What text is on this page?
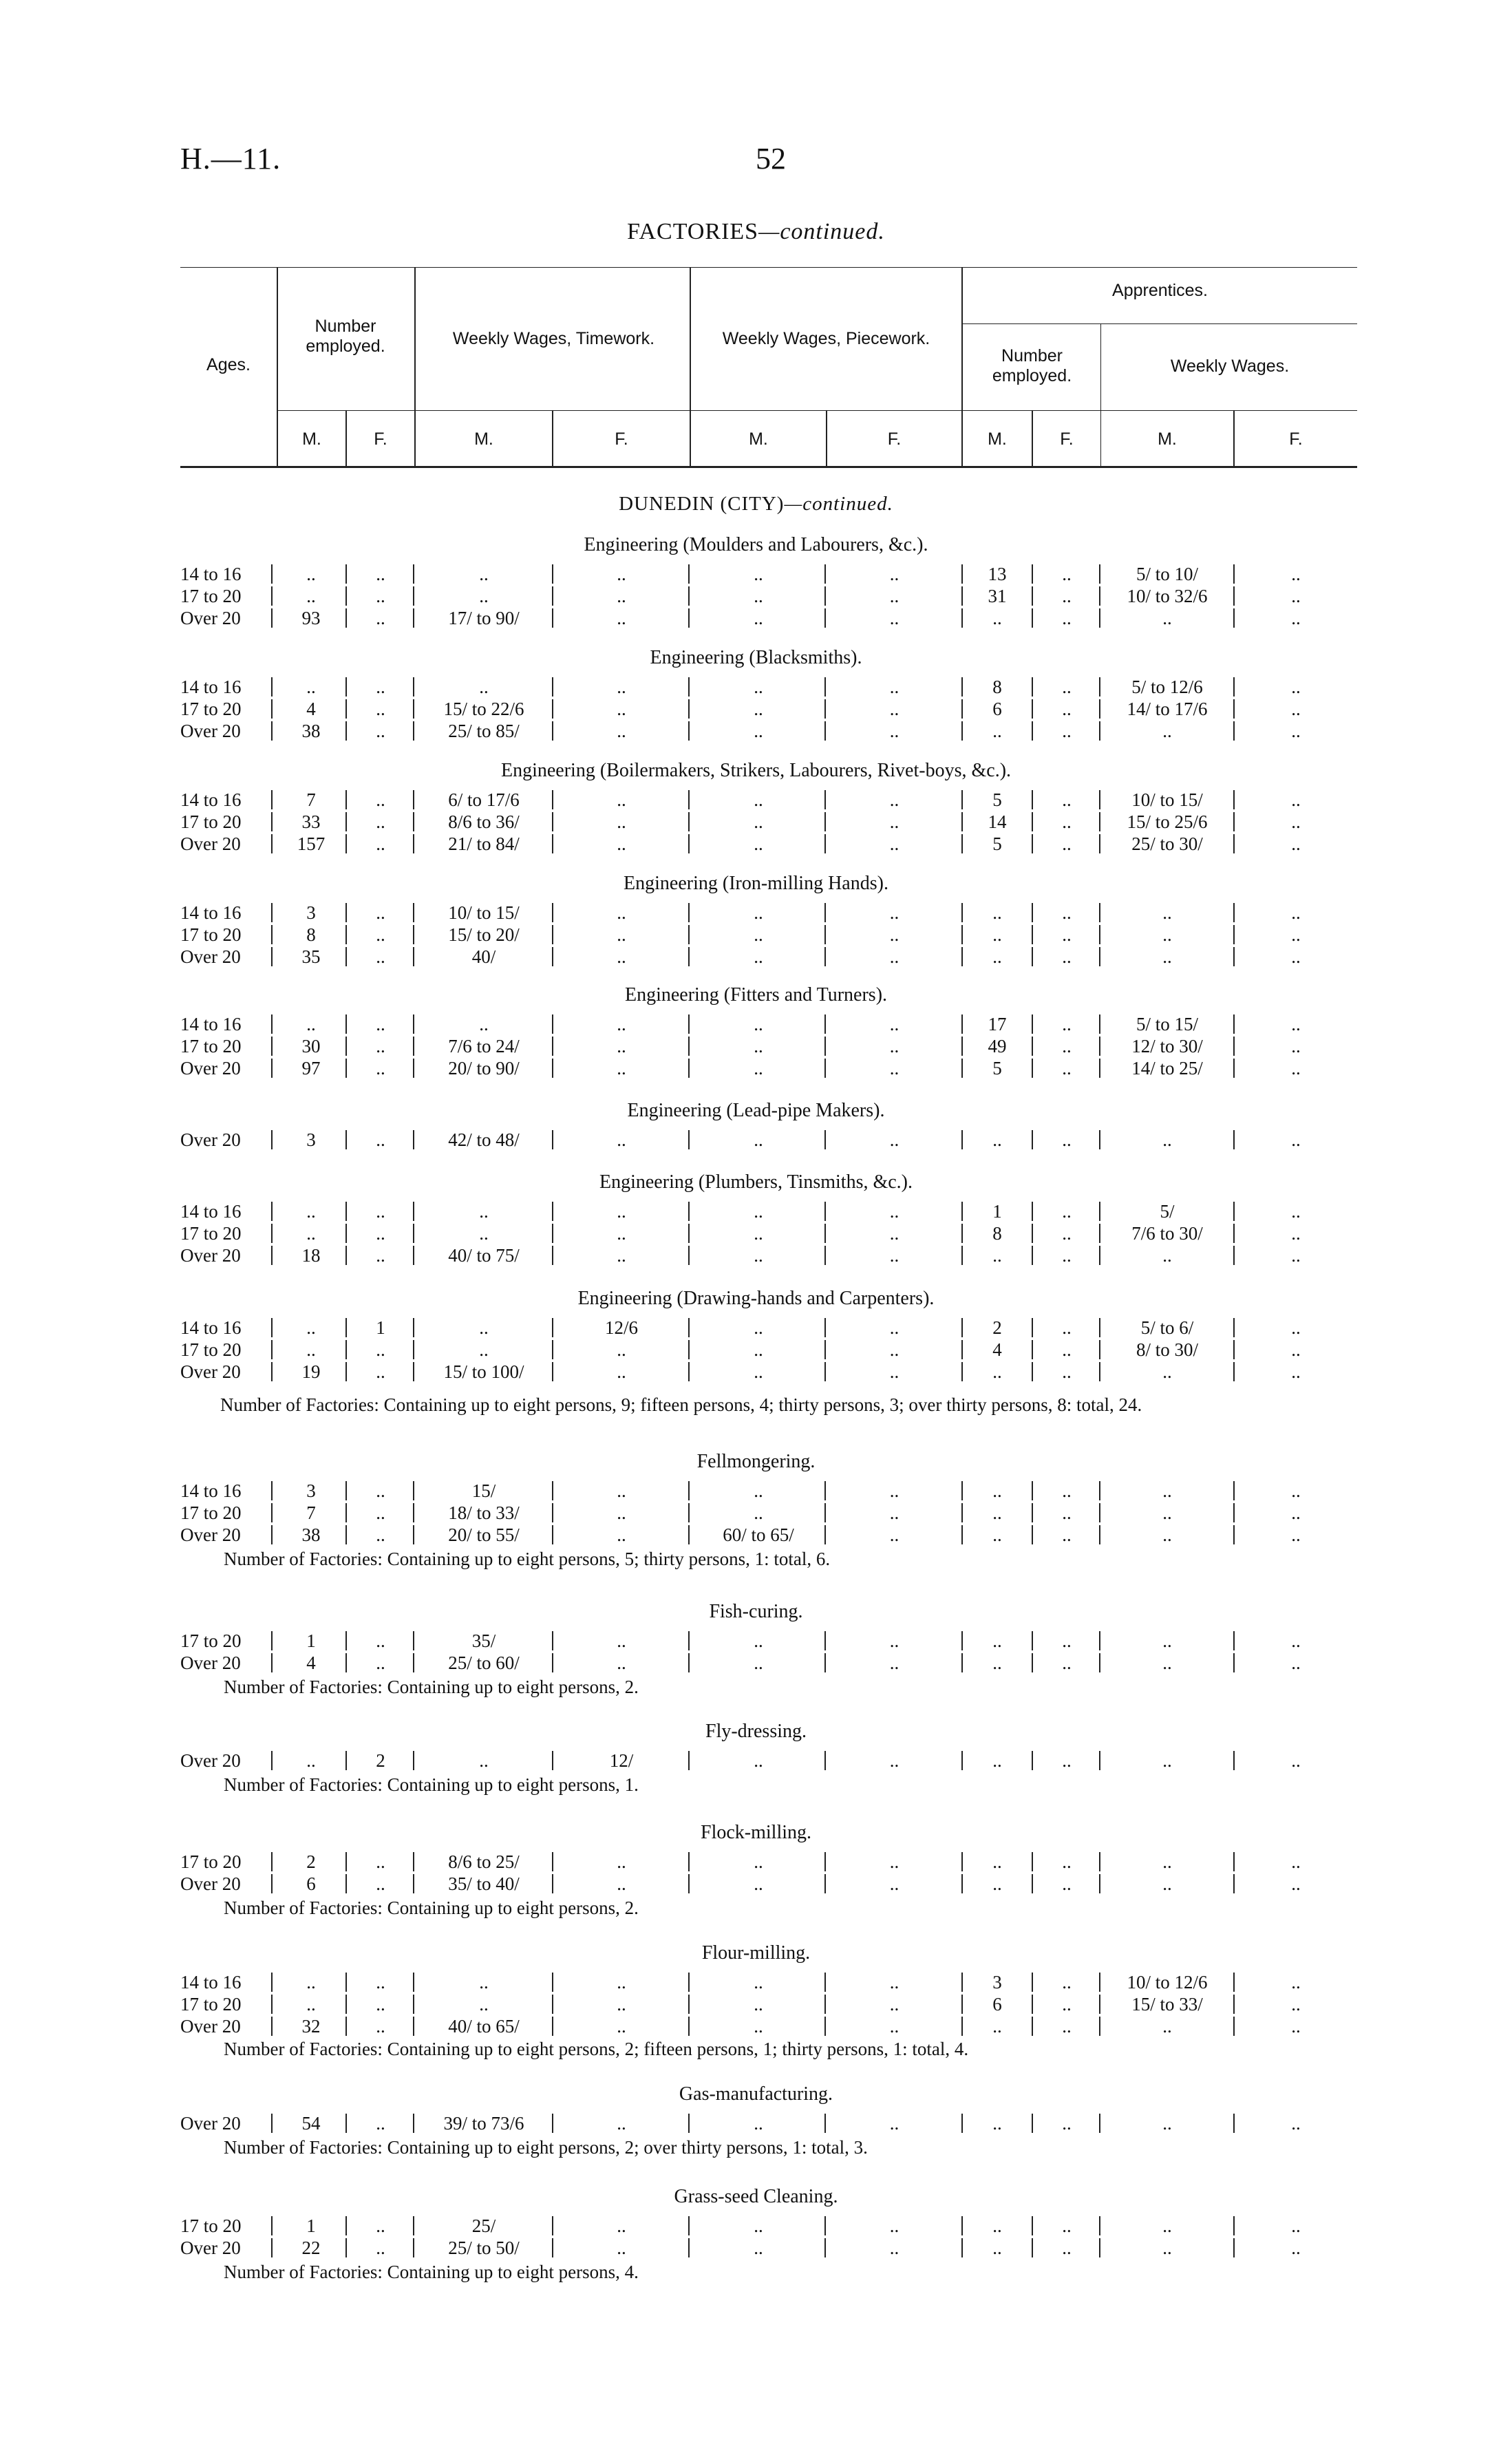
H.—11.	52
FACTORIES—continued.
Ages.
Number employed.	Weekly Wages, Timework.	Weekly Wages, Piecework.
Apprentices.
Number employed.	Weekly Wages.
M.	F.	M.	F.	M.	F.	M.	F.	M.	F.
DUNEDIN (CITY)—continued.
Engineering (Moulders and Labourers, &c.).
14 to 16	..	..	..	..	..	..	13	..	5/ to 10/	..
17 to 20	..	..	..	..	..	..	31	..	10/ to 32/6	..
Over 20	93	..	17/ to 90/	..	..	..	..	..	..	..
Engineering (Blacksmiths).
14 to 16	..	..	..	..	..	..	8	..	5/ to 12/6	..
17 to 20	4	..	15/ to 22/6	..	..	..	6	..	14/ to 17/6	..
Over 20	38	..	25/ to 85/	..	..	..	..	..	..	..
Engineering (Boilermakers, Strikers, Labourers, Rivet-boys, &c.).
14 to 16	7	..	6/ to 17/6	..	..	..	5	..	10/ to 15/	..
17 to 20	33	..	8/6 to 36/	..	..	..	14	..	15/ to 25/6	..
Over 20	157	..	21/ to 84/	..	..	..	5	..	25/ to 30/	..
Engineering (Iron-milling Hands).
14 to 16	3	..	10/ to 15/	..	..	..	..	..	..	..
17 to 20	8	..	15/ to 20/	..	..	..	..	..	..	..
Over 20	35	..	40/	..	..	..	..	..	..	..
Engineering (Fitters and Turners).
14 to 16	..	..	..	..	..	..	17	..	5/ to 15/	..
17 to 20	30	..	7/6 to 24/	..	..	..	49	..	12/ to 30/	..
Over 20	97	..	20/ to 90/	..	..	..	5	..	14/ to 25/	..
Engineering (Lead-pipe Makers).
Over 20	3	..	42/ to 48/	..	..	..	..	..	..	..
Engineering (Plumbers, Tinsmiths, &c.).
14 to 16	..	..	..	..	..	..	1	..	5/	..
17 to 20	..	..	..	..	..	..	8	..	7/6 to 30/	..
Over 20	18	..	40/ to 75/	..	..	..	..	..	..	..
Engineering (Drawing-hands and Carpenters).
14 to 16	..	1	..	12/6	..	..	2	..	5/ to 6/	..
17 to 20	..	..	..	..	..	..	4	..	8/ to 30/	..
Over 20	19	..	15/ to 100/	..	..	..	..	..	..	..
Fellmongering.
14 to 16	3	..	15/	..	..	..	..	..	..	..
17 to 20	7	..	18/ to 33/	..	..	..	..	..	..	..
Over 20	38	..	20/ to 55/	..	60/ to 65/	..	..	..	..	..
Fish-curing.
17 to 20	1	..	35/	..	..	..	..	..	..	..
Over 20	4	..	25/ to 60/	..	..	..	..	..	..	..
Fly-dressing.
Over 20	..	2	..	12/	..	..	..	..	..	..
Flock-milling.
17 to 20	2	..	8/6 to 25/	..	..	..	..	..	..	..
Over 20	6	..	35/ to 40/	..	..	..	..	..	..	..
Flour-milling.
14 to 16	..	..	..	..	..	..	3	..	10/ to 12/6	..
17 to 20	..	..	..	..	..	..	6	..	15/ to 33/	..
Over 20	32	..	40/ to 65/	..	..	..	..	..	..	..
Gas-manufacturing.
Over 20	54	..	39/ to 73/6	..	..	..	..	..	..	..
Grass-seed Cleaning.
17 to 20	1	..	25/	..	..	..	..	..	..	..
Over 20	22	..	25/ to 50/	..	..	..	..	..	..	..
Number of Factories: Containing up to eight persons, 9; fifteen persons, 4; thirty persons, 3; over thirty persons, 8: total, 24.
Number of Factories: Containing up to eight persons, 5; thirty persons, 1: total, 6.
Number of Factories: Containing up to eight persons, 2.
Number of Factories: Containing up to eight persons, 1.
Number of Factories: Containing up to eight persons, 2.
Number of Factories: Containing up to eight persons, 2; fifteen persons, 1; thirty persons, 1: total, 4.
Number of Factories: Containing up to eight persons, 2; over thirty persons, 1: total, 3.
Number of Factories: Containing up to eight persons, 4.
